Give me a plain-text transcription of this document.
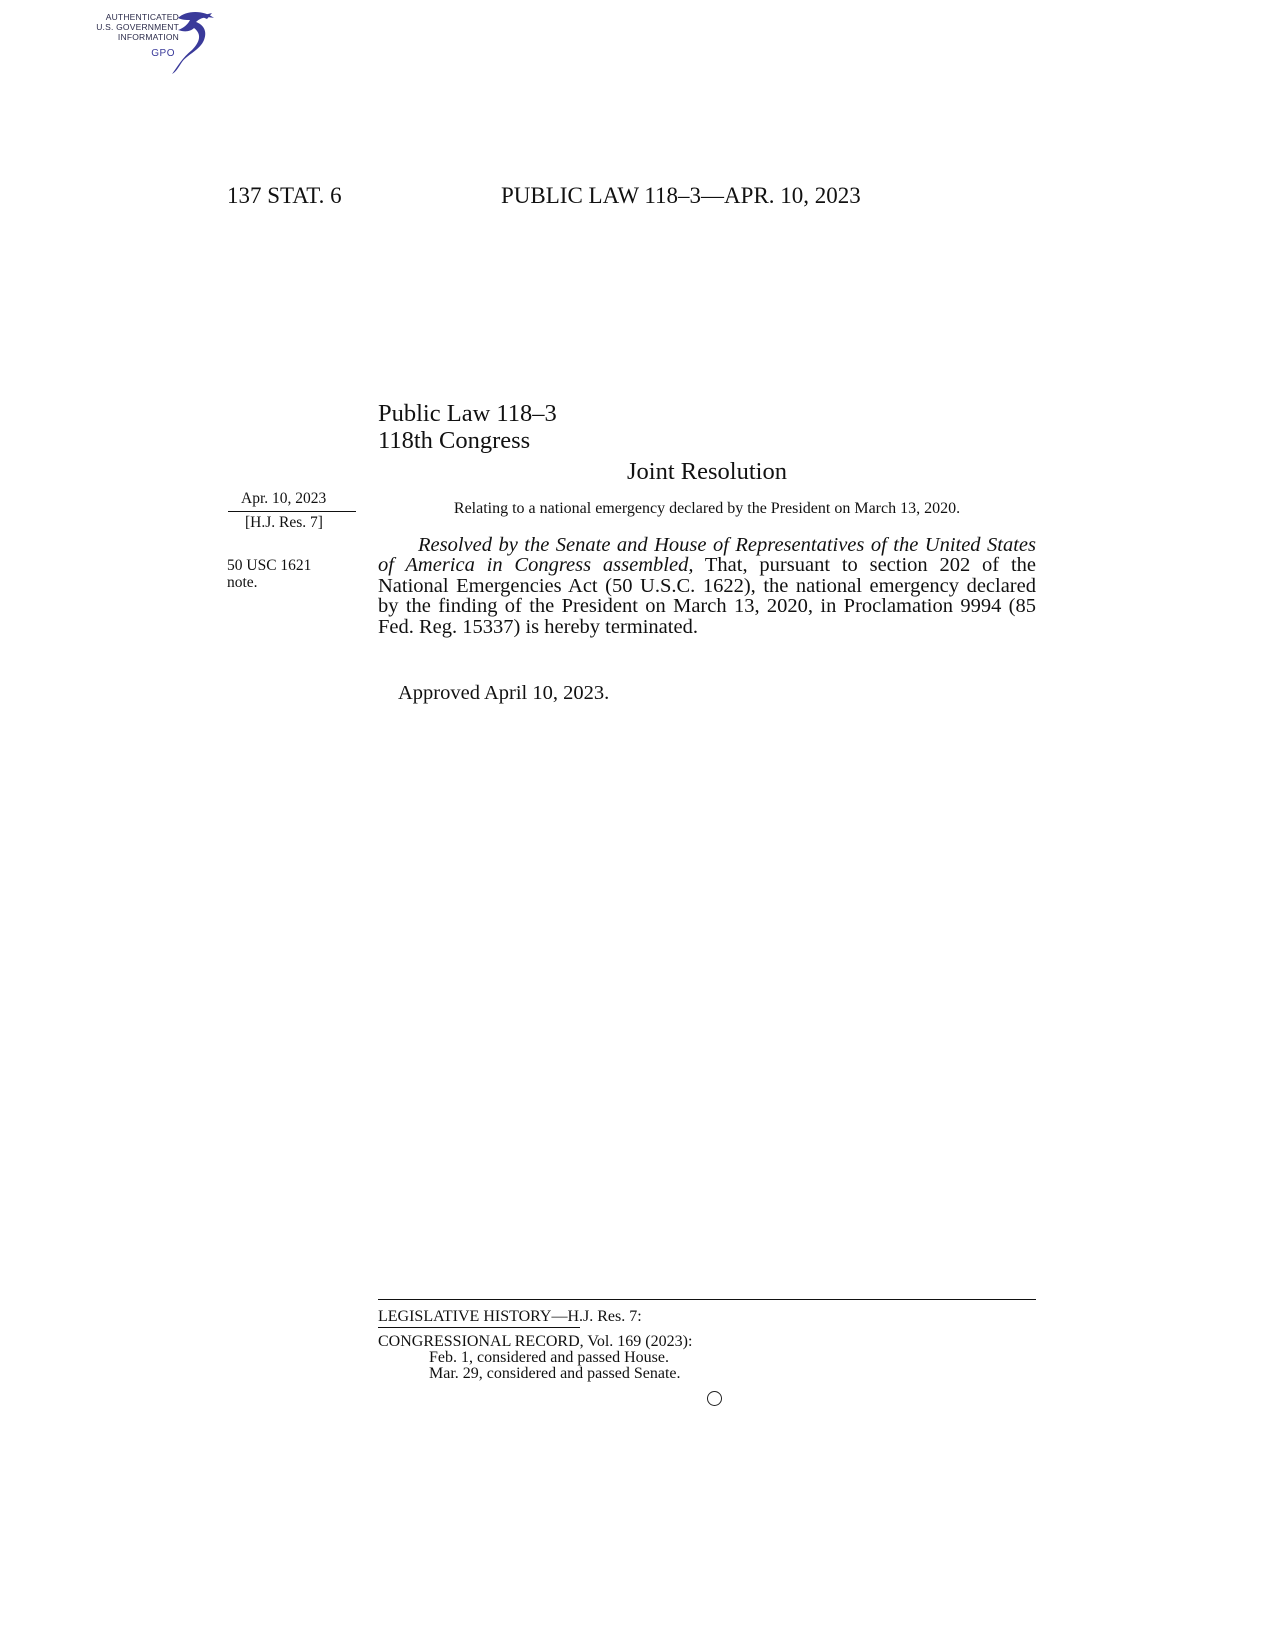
AUTHENTICATED
U.S. GOVERNMENT
INFORMATION
GPO
137 STAT. 6	PUBLIC LAW 118–3—APR. 10, 2023
Public Law 118–3
118th Congress
Joint Resolution
Apr. 10, 2023
[H.J. Res. 7]
50 USC 1621
note.
Relating to a national emergency declared by the President on March 13, 2020.

Resolved by the Senate and House of Representatives of the United States of America in Congress assembled, That, pursuant to section 202 of the National Emergencies Act (50 U.S.C. 1622), the national emergency declared by the finding of the President on March 13, 2020, in Proclamation 9994 (85 Fed. Reg. 15337) is hereby terminated.

Approved April 10, 2023.
LEGISLATIVE HISTORY—H.J. Res. 7:
CONGRESSIONAL RECORD, Vol. 169 (2023):
Feb. 1, considered and passed House.
Mar. 29, considered and passed Senate.
